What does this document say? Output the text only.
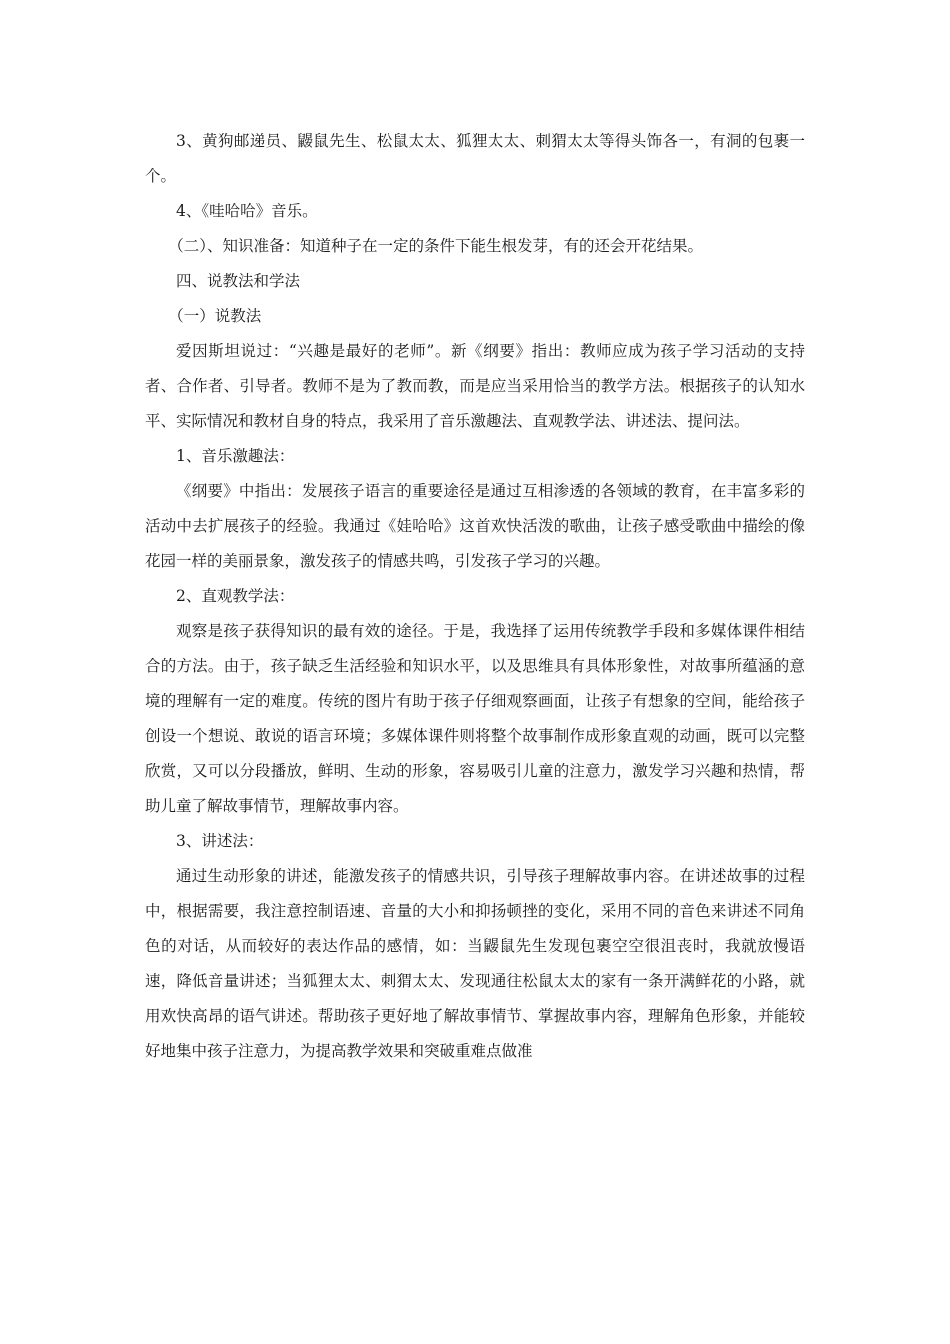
3、黄狗邮递员、鼹鼠先生、松鼠太太、狐狸太太、刺猬太太等得头饰各一，有洞的包裹一个。

4、《哇哈哈》音乐。

（二）、知识准备：知道种子在一定的条件下能生根发芽，有的还会开花结果。

四、说教法和学法

（一）说教法

爱因斯坦说过：“兴趣是最好的老师”。新《纲要》指出：教师应成为孩子学习活动的支持者、合作者、引导者。教师不是为了教而教，而是应当采用恰当的教学方法。根据孩子的认知水平、实际情况和教材自身的特点，我采用了音乐激趣法、直观教学法、讲述法、提问法。

1、音乐激趣法：

《纲要》中指出：发展孩子语言的重要途径是通过互相渗透的各领域的教育，在丰富多彩的活动中去扩展孩子的经验。我通过《娃哈哈》这首欢快活泼的歌曲，让孩子感受歌曲中描绘的像花园一样的美丽景象，激发孩子的情感共鸣，引发孩子学习的兴趣。

2、直观教学法：

观察是孩子获得知识的最有效的途径。于是，我选择了运用传统教学手段和多媒体课件相结合的方法。由于，孩子缺乏生活经验和知识水平，以及思维具有具体形象性，对故事所蕴涵的意境的理解有一定的难度。传统的图片有助于孩子仔细观察画面，让孩子有想象的空间，能给孩子创设一个想说、敢说的语言环境；多媒体课件则将整个故事制作成形象直观的动画，既可以完整欣赏，又可以分段播放，鲜明、生动的形象，容易吸引儿童的注意力，激发学习兴趣和热情，帮助儿童了解故事情节，理解故事内容。

3、讲述法：

通过生动形象的讲述，能激发孩子的情感共识，引导孩子理解故事内容。在讲述故事的过程中，根据需要，我注意控制语速、音量的大小和抑扬顿挫的变化，采用不同的音色来讲述不同角色的对话，从而较好的表达作品的感情，如：当鼹鼠先生发现包裹空空很沮丧时，我就放慢语速，降低音量讲述；当狐狸太太、刺猬太太、发现通往松鼠太太的家有一条开满鲜花的小路，就用欢快高昂的语气讲述。帮助孩子更好地了解故事情节、掌握故事内容，理解角色形象，并能较好地集中孩子注意力，为提高教学效果和突破重难点做准
